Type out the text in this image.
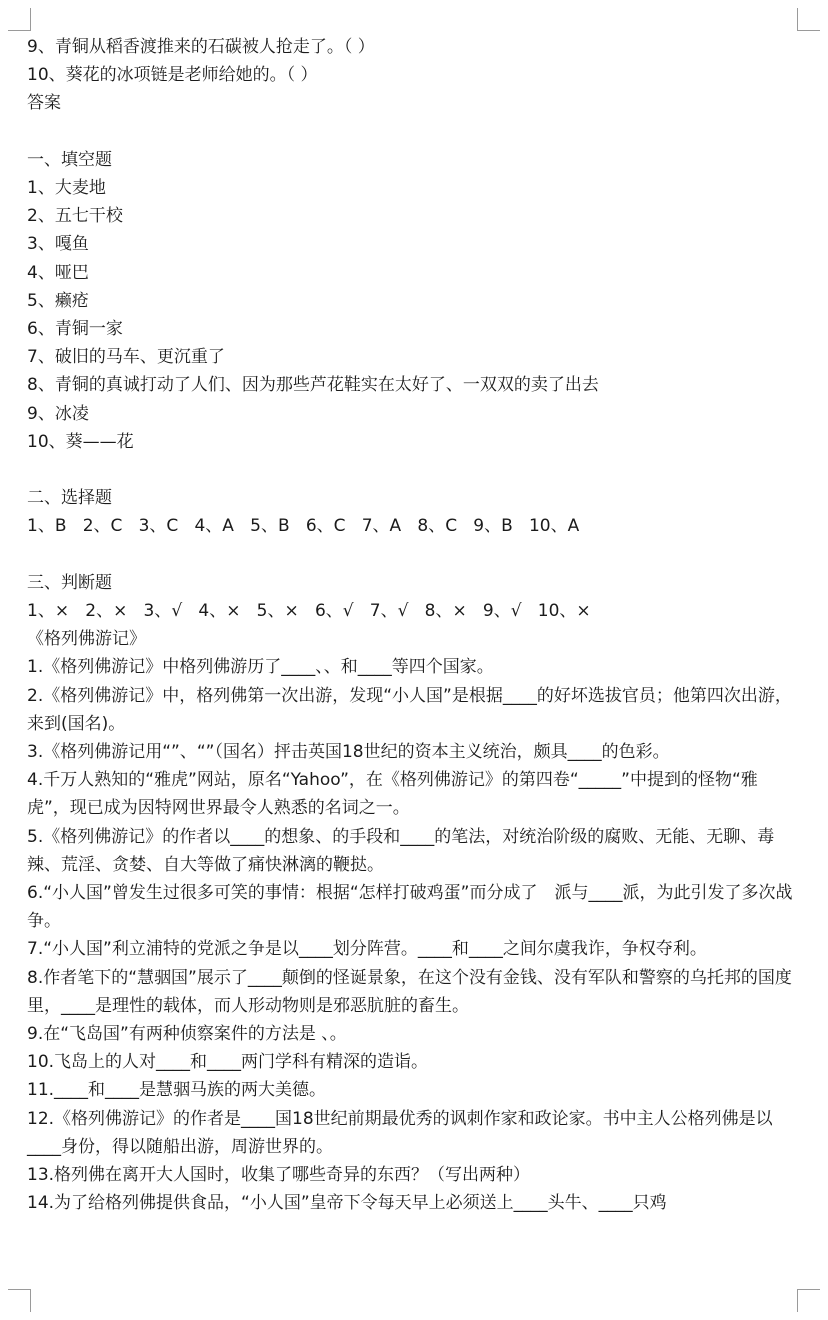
9、青铜从稻香渡推来的石碳被人抢走了。（ ）
10、葵花的冰项链是老师给她的。（ ）
答案
一、填空题
1、大麦地
2、五七干校
3、嘎鱼
4、哑巴
5、癞疮
6、青铜一家
7、破旧的马车、更沉重了
8、青铜的真诚打动了人们、因为那些芦花鞋实在太好了、一双双的卖了出去
9、冰凌
10、葵——花
二、选择题
1、B   2、C   3、C   4、A   5、B   6、C   7、A   8、C   9、B   10、A
三、判断题
1、×   2、×   3、√   4、×   5、×   6、√   7、√   8、×   9、√   10、×
《格列佛游记》
1.《格列佛游记》中格列佛游历了____、、和____等四个国家。
2.《格列佛游记》中，格列佛第一次出游，发现“小人国”是根据____的好坏选拔官员；他第四次出游，来到(国名)。
3.《格列佛游记用“”、“”（国名）抨击英国18世纪的资本主义统治，颇具____的色彩。
4.千万人熟知的“雅虎”网站，原名“Yahoo”，在《格列佛游记》的第四卷“_____”中提到的怪物“雅虎”，现已成为因特网世界最令人熟悉的名词之一。
5.《格列佛游记》的作者以____的想象、的手段和____的笔法，对统治阶级的腐败、无能、无聊、毒辣、荒淫、贪婪、自大等做了痛快淋漓的鞭挞。
6.“小人国”曾发生过很多可笑的事情：根据“怎样打破鸡蛋”而分成了　派与____派，为此引发了多次战争。
7.“小人国”利立浦特的党派之争是以____划分阵营。____和____之间尔虞我诈，争权夺利。
8.作者笔下的“慧骃国”展示了____颠倒的怪诞景象，在这个没有金钱、没有军队和警察的乌托邦的国度里，____是理性的载体，而人形动物则是邪恶肮脏的畜生。
9.在“飞岛国”有两种侦察案件的方法是 、。
10.飞岛上的人对____和____两门学科有精深的造诣。
11.____和____是慧骃马族的两大美德。
12.《格列佛游记》的作者是____国18世纪前期最优秀的讽刺作家和政论家。书中主人公格列佛是以____身份，得以随船出游，周游世界的。
13.格列佛在离开大人国时，收集了哪些奇异的东西？（写出两种）
14.为了给格列佛提供食品，“小人国”皇帝下令每天早上必须送上____头牛、____只鸡
